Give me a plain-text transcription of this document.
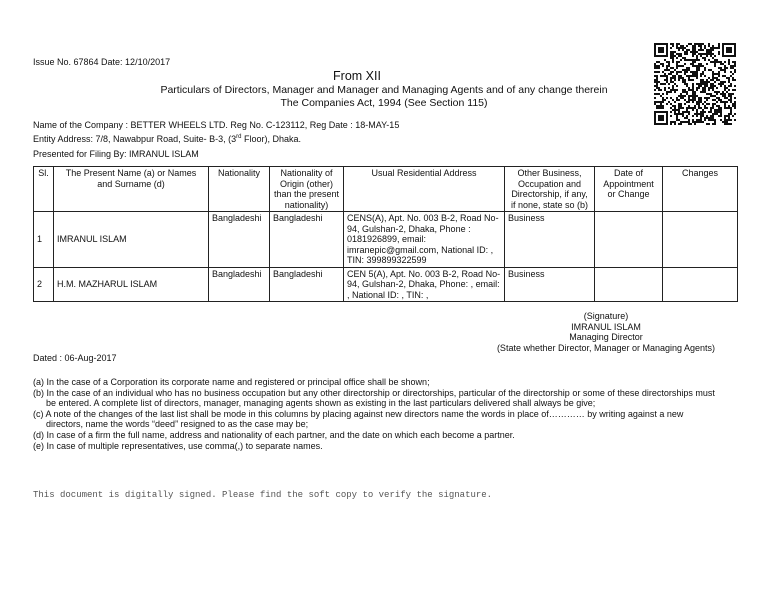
Issue No. 67864 Date: 12/10/2017
From XII
Particulars of Directors, Manager and Manager and Managing Agents and of any change therein
The Companies Act, 1994 (See Section 115)
Name of the Company : BETTER WHEELS LTD. Reg No. C-123112, Reg Date : 18-MAY-15
Entity Address: 7/8, Nawabpur Road, Suite- B-3, (3rd Floor), Dhaka.
Presented for Filing By: IMRANUL ISLAM
Sl.	The Present Name (a) or Names and Surname (d)	Nationality	Nationality of Origin (other) than the present nationality)	Usual Residential Address	Other Business, Occupation and Directorship, if any, if none, state so (b)	Date of Appointment or Change	Changes
1	IMRANUL ISLAM	Bangladeshi	Bangladeshi	CENS(A), Apt. No. 003 B-2, Road No-94, Gulshan-2, Dhaka, Phone : 0181926899, email: imranepic@gmail.com, National ID: , TIN: 399899322599	Business		
2	H.M. MAZHARUL ISLAM	Bangladeshi	Bangladeshi	CEN 5(A), Apt. No. 003 B-2, Road No-94, Gulshan-2, Dhaka, Phone: , email: , National ID: , TIN: ,	Business		
(Signature)
IMRANUL ISLAM
Managing Director
(State whether Director, Manager or Managing Agents)
Dated : 06-Aug-2017
(a) In the case of a Corporation its corporate name and registered or principal office shall be shown;
(b) In the case of an individual who has no business occupation but any other directorship or directorships, particular of the directorship or some of these directorships must
be entered. A complete list of directors, manager, managing agents shown as existing in the last particulars delivered shall always be give;
(c) A note of the changes of the last list shall be mode in this columns by placing against new directors name the words in place of………… by writing against a new
directors, name the words “deed” resigned to as the case may be;
(d) In case of a firm the full name, address and nationality of each partner, and the date on which each become a partner.
(e) In case of multiple representatives, use comma(,) to separate names.
This document is digitally signed. Please find the soft copy to verify the signature.
